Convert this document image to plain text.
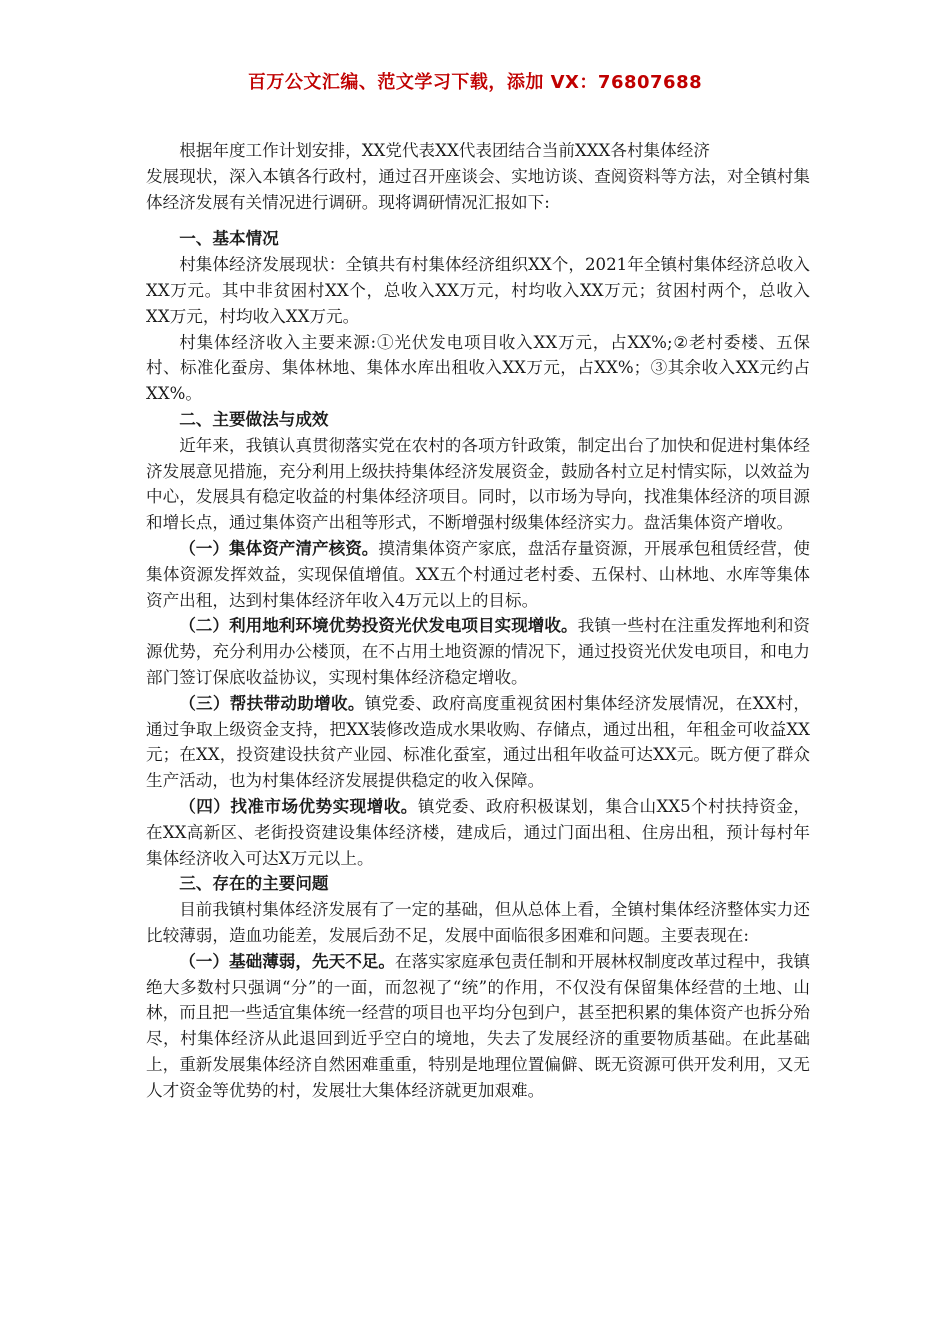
百万公文汇编、范文学习下载，添加 VX：76807688

根据年度工作计划安排，XX党代表XX代表团结合当前XXX各村集体经济

发展现状，深入本镇各行政村，通过召开座谈会、实地访谈、查阅资料等方法，对全镇村集体经济发展有关情况进行调研。现将调研情况汇报如下:

一、基本情况

村集体经济发展现状：全镇共有村集体经济组织XX个，2021年全镇村集体经济总收入XX万元。其中非贫困村XX个，总收入XX万元，村均收入XX万元；贫困村两个，总收入XX万元，村均收入XX万元。

村集体经济收入主要来源:①光伏发电项目收入XX万元，占XX%;②老村委楼、五保村、标准化蚕房、集体林地、集体水库出租收入XX万元，占XX%；③其余收入XX元约占XX%。

二、主要做法与成效

近年来，我镇认真贯彻落实党在农村的各项方针政策，制定出台了加快和促进村集体经济发展意见措施，充分利用上级扶持集体经济发展资金，鼓励各村立足村情实际，以效益为中心，发展具有稳定收益的村集体经济项目。同时，以市场为导向，找准集体经济的项目源和增长点，通过集体资产出租等形式，不断增强村级集体经济实力。盘活集体资产增收。

（一）集体资产清产核资。摸清集体资产家底，盘活存量资源，开展承包租赁经营，使集体资源发挥效益，实现保值增值。XX五个村通过老村委、五保村、山林地、水库等集体资产出租，达到村集体经济年收入4万元以上的目标。

（二）利用地利环境优势投资光伏发电项目实现增收。我镇一些村在注重发挥地利和资源优势，充分利用办公楼顶，在不占用土地资源的情况下，通过投资光伏发电项目，和电力部门签订保底收益协议，实现村集体经济稳定增收。

（三）帮扶带动助增收。镇党委、政府高度重视贫困村集体经济发展情况，在XX村，通过争取上级资金支持，把XX装修改造成水果收购、存储点，通过出租，年租金可收益XX元；在XX，投资建设扶贫产业园、标准化蚕室，通过出租年收益可达XX元。既方便了群众生产活动，也为村集体经济发展提供稳定的收入保障。

（四）找准市场优势实现增收。镇党委、政府积极谋划，集合山XX5个村扶持资金，在XX高新区、老街投资建设集体经济楼，建成后，通过门面出租、住房出租，预计每村年集体经济收入可达X万元以上。

三、存在的主要问题

目前我镇村集体经济发展有了一定的基础，但从总体上看，全镇村集体经济整体实力还比较薄弱，造血功能差，发展后劲不足，发展中面临很多困难和问题。主要表现在:

（一）基础薄弱，先天不足。在落实家庭承包责任制和开展林权制度改革过程中，我镇绝大多数村只强调“分”的一面，而忽视了“统”的作用，不仅没有保留集体经营的土地、山林，而且把一些适宜集体统一经营的项目也平均分包到户，甚至把积累的集体资产也拆分殆尽，村集体经济从此退回到近乎空白的境地，失去了发展经济的重要物质基础。在此基础上，重新发展集体经济自然困难重重，特别是地理位置偏僻、既无资源可供开发利用，又无人才资金等优势的村，发展壮大集体经济就更加艰难。
